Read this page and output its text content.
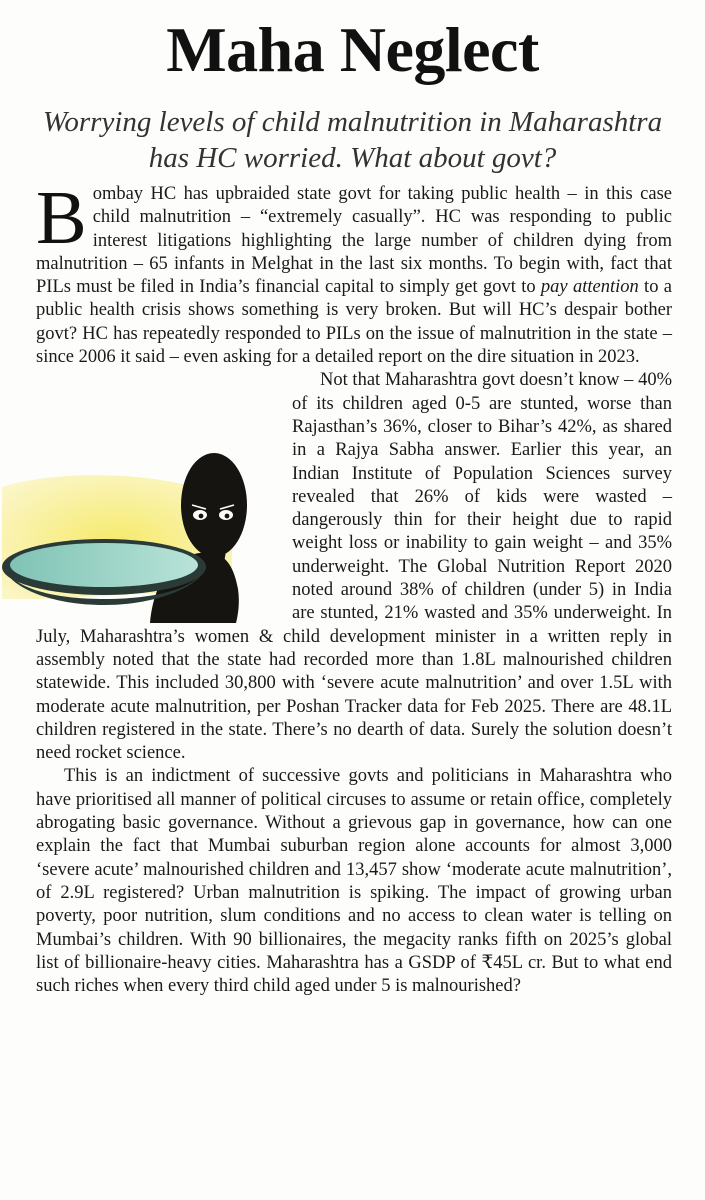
Maha Neglect
Worrying levels of child malnutrition in Maharashtra has HC worried. What about govt?

Bombay HC has upbraided state govt for taking public health – in this case child malnutrition – “extremely casually”. HC was responding to public interest litigations highlighting the large number of children dying from malnutrition – 65 infants in Melghat in the last six months. To begin with, fact that PILs must be filed in India’s financial capital to simply get govt to pay attention to a public health crisis shows something is very broken. But will HC’s despair bother govt? HC has repeatedly responded to PILs on the issue of malnutrition in the state – since 2006 it said – even asking for a detailed report on the dire situation in 2023.

Not that Maharashtra govt doesn’t know – 40% of its children aged 0-5 are stunted, worse than Rajasthan’s 36%, closer to Bihar’s 42%, as shared in a Rajya Sabha answer. Earlier this year, an Indian Institute of Population Sciences survey revealed that 26% of kids were wasted – dangerously thin for their height due to rapid weight loss or inability to gain weight – and 35% underweight. The Global Nutrition Report 2020 noted around 38% of children (under 5) in India are stunted, 21% wasted and 35% underweight. In July, Maharashtra’s women & child development minister in a written reply in assembly noted that the state had recorded more than 1.8L malnourished children statewide. This included 30,800 with ‘severe acute malnutrition’ and over 1.5L with moderate acute malnutrition, per Poshan Tracker data for Feb 2025. There are 48.1L children registered in the state. There’s no dearth of data. Surely the solution doesn’t need rocket science.

This is an indictment of successive govts and politicians in Maharashtra who have prioritised all manner of political circuses to assume or retain office, completely abrogating basic governance. Without a grievous gap in governance, how can one explain the fact that Mumbai suburban region alone accounts for almost 3,000 ‘severe acute’ malnourished children and 13,457 show ‘moderate acute malnutrition’, of 2.9L registered? Urban malnutrition is spiking. The impact of growing urban poverty, poor nutrition, slum conditions and no access to clean water is telling on Mumbai’s children. With 90 billionaires, the megacity ranks fifth on 2025’s global list of billionaire-heavy cities. Maharashtra has a GSDP of ₹45L cr. But to what end such riches when every third child aged under 5 is malnourished?
